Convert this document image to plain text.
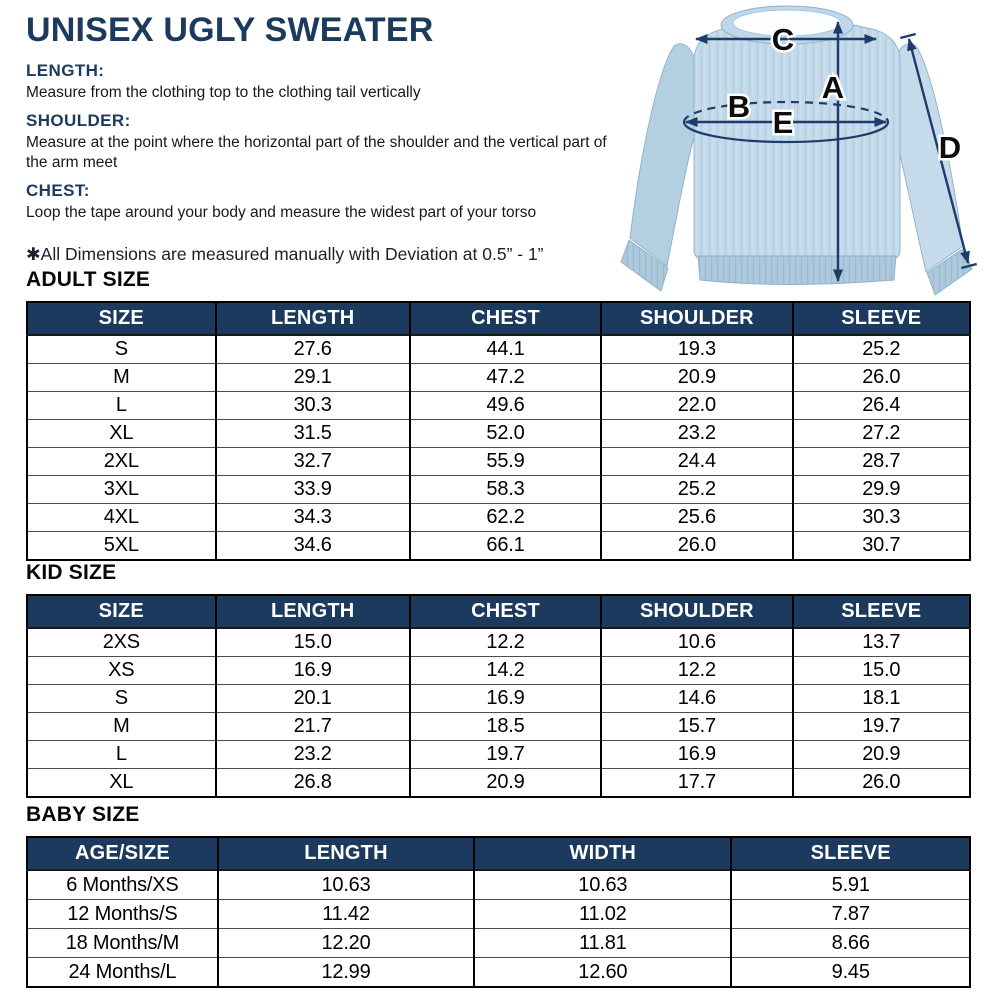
UNISEX UGLY SWEATER
LENGTH:

Measure from the clothing top to the clothing tail vertically

SHOULDER:

Measure at the point where the horizontal part of the shoulder and the vertical part of the arm meet

CHEST:

Loop the tape around your body and measure the widest part of your torso

✱All Dimensions are measured manually with Deviation at 0.5” - 1”

C
A
B E
D
ADULT SIZE
SIZE	LENGTH	CHEST	SHOULDER	SLEEVE
S	27.6	44.1	19.3	25.2
M	29.1	47.2	20.9	26.0
L	30.3	49.6	22.0	26.4
XL	31.5	52.0	23.2	27.2
2XL	32.7	55.9	24.4	28.7
3XL	33.9	58.3	25.2	29.9
4XL	34.3	62.2	25.6	30.3
5XL	34.6	66.1	26.0	30.7
KID SIZE
SIZE	LENGTH	CHEST	SHOULDER	SLEEVE
2XS	15.0	12.2	10.6	13.7
XS	16.9	14.2	12.2	15.0
S	20.1	16.9	14.6	18.1
M	21.7	18.5	15.7	19.7
L	23.2	19.7	16.9	20.9
XL	26.8	20.9	17.7	26.0
BABY SIZE
AGE/SIZE	LENGTH	WIDTH	SLEEVE
6 Months/XS	10.63	10.63	5.91
12 Months/S	11.42	11.02	7.87
18 Months/M	12.20	11.81	8.66
24 Months/L	12.99	12.60	9.45
